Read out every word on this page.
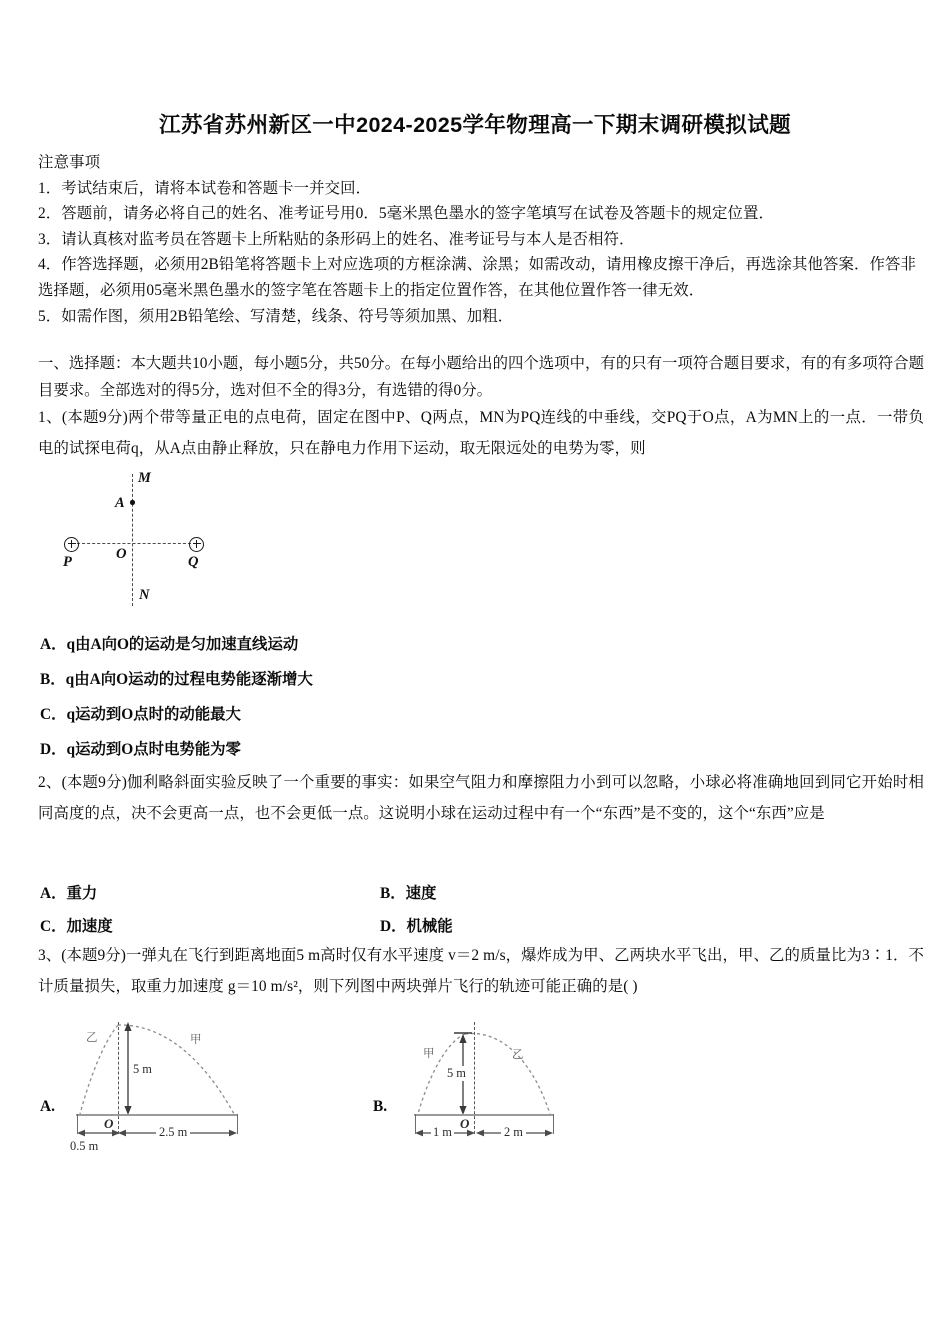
江苏省苏州新区一中2024-2025学年物理高一下期末调研模拟试题
注意事项
1．考试结束后，请将本试卷和答题卡一并交回．
2．答题前，请务必将自己的姓名、准考证号用0．5毫米黑色墨水的签字笔填写在试卷及答题卡的规定位置．
3．请认真核对监考员在答题卡上所粘贴的条形码上的姓名、准考证号与本人是否相符．
4．作答选择题，必须用2B铅笔将答题卡上对应选项的方框涂满、涂黑；如需改动，请用橡皮擦干净后，再选涂其他答案．作答非选择题，必须用05毫米黑色墨水的签字笔在答题卡上的指定位置作答，在其他位置作答一律无效．
5．如需作图，须用2B铅笔绘、写清楚，线条、符号等须加黑、加粗．
一、选择题：本大题共10小题，每小题5分，共50分。在每小题给出的四个选项中，有的只有一项符合题目要求，有的有多项符合题目要求。全部选对的得5分，选对但不全的得3分，有选错的得0分。
1、(本题9分)两个带等量正电的点电荷，固定在图中P、Q两点，MN为PQ连线的中垂线，交PQ于O点，A为MN上的一点．一带负电的试探电荷q，从A点由静止释放，只在静电力作用下运动，取无限远处的电势为零，则
M
N
A
O
P	Q
A．q由A向O的运动是匀加速直线运动
B．q由A向O运动的过程电势能逐渐增大
C．q运动到O点时的动能最大
D．q运动到O点时电势能为零
2、(本题9分)伽利略斜面实验反映了一个重要的事实：如果空气阻力和摩擦阻力小到可以忽略，小球必将准确地回到同它开始时相同高度的点，决不会更高一点，也不会更低一点。这说明小球在运动过程中有一个“东西”是不变的，这个“东西”应是
A．重力	B．速度
C．加速度	D．机械能
3、(本题9分)一弹丸在飞行到距离地面5 m高时仅有水平速度 v＝2 m/s，爆炸成为甲、乙两块水平飞出，甲、乙的质量比为3∶1．不计质量损失，取重力加速度 g＝10 m/s²，则下列图中两块弹片飞行的轨迹可能正确的是( )
A.	B.
5 m
O
乙	甲
0.5 m
2.5 m
5 m
O
甲	乙
1 m	2 m
